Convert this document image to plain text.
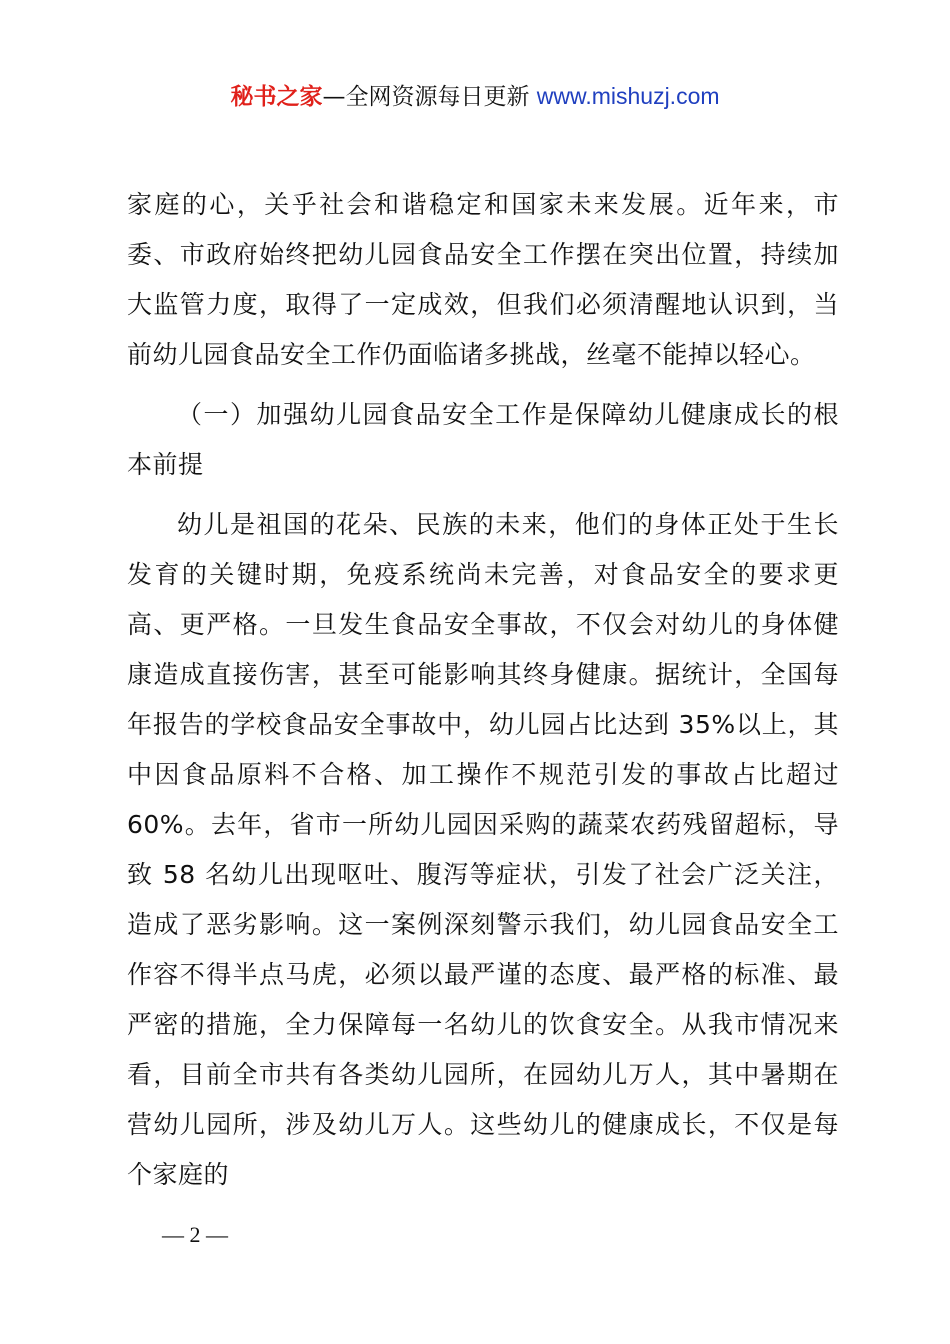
秘书之家—全网资源每日更新 www.mishuzj.com

家庭的心，关乎社会和谐稳定和国家未来发展。近年来，市委、市政府始终把幼儿园食品安全工作摆在突出位置，持续加大监管力度，取得了一定成效，但我们必须清醒地认识到，当前幼儿园食品安全工作仍面临诸多挑战，丝毫不能掉以轻心。

（一）加强幼儿园食品安全工作是保障幼儿健康成长的根本前提

幼儿是祖国的花朵、民族的未来，他们的身体正处于生长发育的关键时期，免疫系统尚未完善，对食品安全的要求更高、更严格。一旦发生食品安全事故，不仅会对幼儿的身体健康造成直接伤害，甚至可能影响其终身健康。据统计，全国每年报告的学校食品安全事故中，幼儿园占比达到 35%以上，其中因食品原料不合格、加工操作不规范引发的事故占比超过 60%。去年，省市一所幼儿园因采购的蔬菜农药残留超标，导致 58 名幼儿出现呕吐、腹泻等症状，引发了社会广泛关注，造成了恶劣影响。这一案例深刻警示我们，幼儿园食品安全工作容不得半点马虎，必须以最严谨的态度、最严格的标准、最严密的措施，全力保障每一名幼儿的饮食安全。从我市情况来看，目前全市共有各类幼儿园所，在园幼儿万人，其中暑期在营幼儿园所，涉及幼儿万人。这些幼儿的健康成长，不仅是每个家庭的

— 2 —
